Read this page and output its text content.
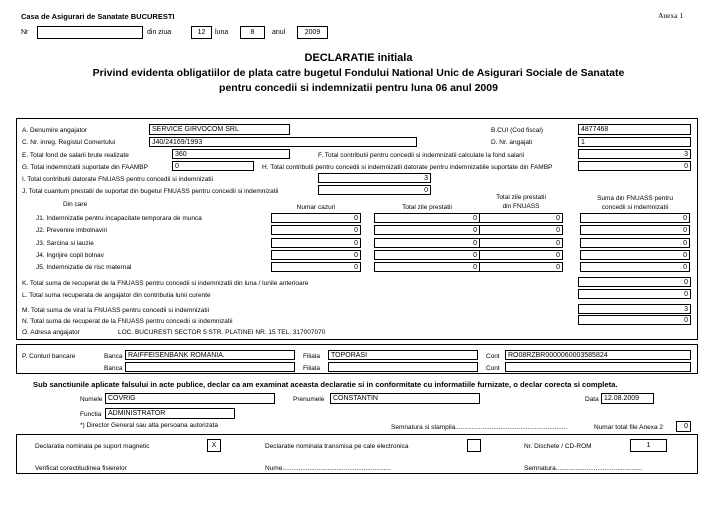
Casa de Asigurari de Sanatate BUCURESTI	Anexa 1
Nr	din ziua	12	luna	8	anul	2009
DECLARATIE initiala
Privind evidenta obligatiilor de plata catre bugetul Fondului National Unic de Asigurari Sociale de Sanatate
pentru concedii si indemnizatii pentru luna 06 anul 2009
A. Denumire angajator	SERVICE GIRVOCOM SRL	B.CUI (Cod fiscal)	4877468
C. Nr. inreg. Registul Comertului	J40/24169/1993	D. Nr. angajati	1
E. Total fond de salarii brute realizate	360	F. Total contributii pentru concedii si indemnizatii calculate la fond salarii	3
G. Total indemnizatii suportate din FAAMBP	0	H. Total contributii pentru concedii si indemnizatii datorate pentru indemnizatiile suportate din FAMBP	0
I. Total contributii datorate FNUASS pentru concedii si indemnizatii	3
J. Total cuantum prestatii de suportat din bugetul FNUASS pentru concedii si indemnizatii	0
Din care	Numar cazuri	Total zile prestatii
Total zile prestatii
din FNUASS
Suma din FNUASS pentru
concedii si indemnizatii
J1. Indemnizatie pentru incapacitate temporara de munca	0	0	0	0
J2. Prevenire imbolnaviri	0	0	0	0
J3. Sarcina si lauzie	0	0	0	0
J4. Ingrijire copil bolnav	0	0	0	0
J5. Indemnizatie de risc maternal	0	0	0	0
K. Total suma de recuperat de la FNUASS pentru concedii si indemnizatii din luna / lunile anterioare	0
L. Total suma recuperata de angajator din contributia lunii curente	0
M. Total suma de virat la FNUASS pentru concedii si indemnizatii	3
N. Total suma de recuperat de la FNUASS pentru concedii si indemnizatii	0
O. Adresa angajator	LOC. BUCURESTI SECTOR 5 STR. PLATINEI NR. 15 TEL. 317007070
P. Conturi bancare	Banca RAIFFEISENBANK ROMANIA.	Filiala	TOPORASI	Cont	RO08RZBR0000060003585824
Banca	Filiala	Cont
Sub sanctiunile aplicate falsului in acte publice, declar ca am examinat aceasta declaratie si in conformitate cu informatiile furnizate, o declar corecta si completa.
Numele COVRIG	Prenumele	CONSTANTIN	Data 12.08.2009
Functia ADMINISTRATOR
*) Director General sau alta persoana autorizata	Semnatura si stampila..............................................................	Numar total file Anexa 2	0
Declaratia nominala pe suport magnetic	X	Declaratie nominala transmisa pe cale electronica	Nr. Dischete / CD-ROM	1
Verificat corectitudinea fisierelor	Nume............................................................	Semnatura................................................
